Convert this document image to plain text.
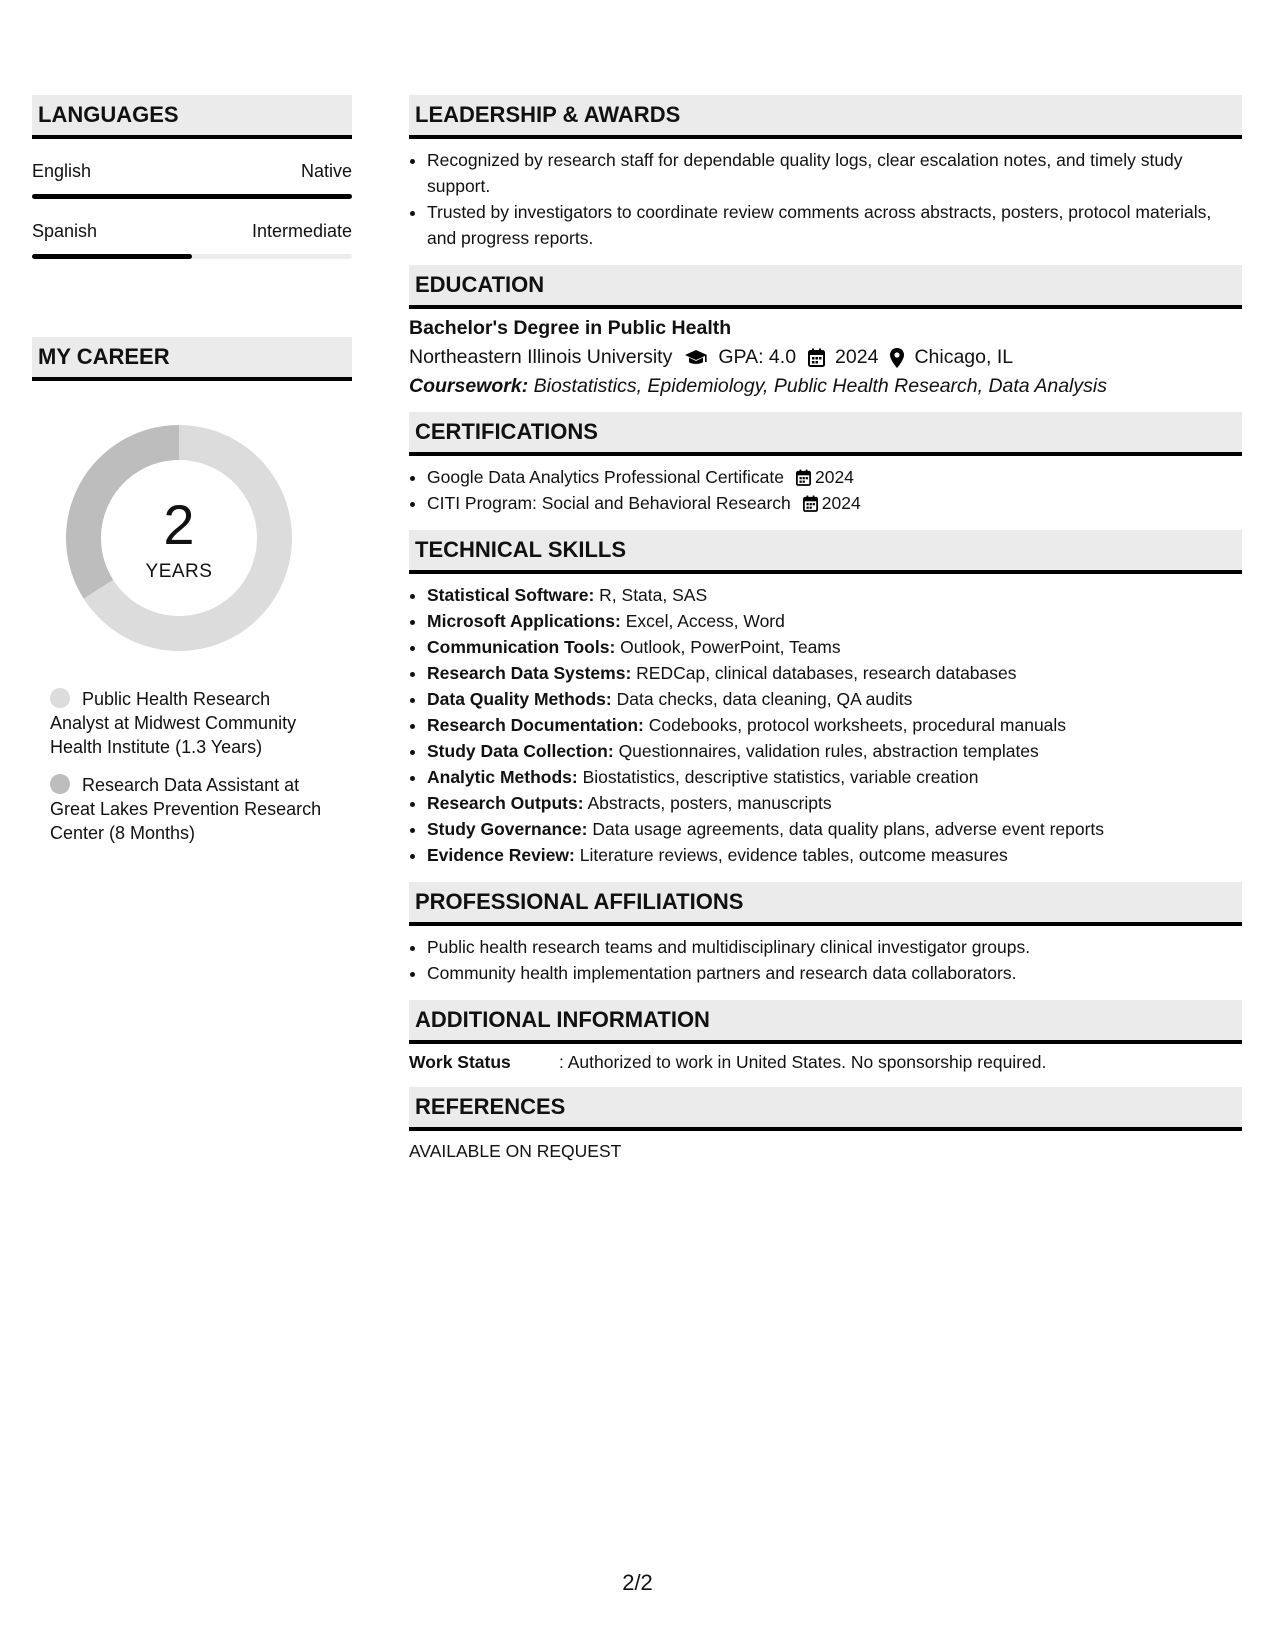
LANGUAGES
English	Native
Spanish	Intermediate
MY CAREER
2
YEARS
Public Health Research Analyst at Midwest Community Health Institute (1.3 Years)
Research Data Assistant at Great Lakes Prevention Research Center (8 Months)
LEADERSHIP & AWARDS
• Recognized by research staff for dependable quality logs, clear escalation notes, and timely study support.
• Trusted by investigators to coordinate review comments across abstracts, posters, protocol materials, and progress reports.
EDUCATION
Bachelor's Degree in Public Health
Northeastern Illinois University GPA: 4.0 2024 Chicago, IL
Coursework: Biostatistics, Epidemiology, Public Health Research, Data Analysis
CERTIFICATIONS
• Google Data Analytics Professional Certificate 2024
• CITI Program: Social and Behavioral Research 2024
TECHNICAL SKILLS
• Statistical Software: R, Stata, SAS
• Microsoft Applications: Excel, Access, Word
• Communication Tools: Outlook, PowerPoint, Teams
• Research Data Systems: REDCap, clinical databases, research databases
• Data Quality Methods: Data checks, data cleaning, QA audits
• Research Documentation: Codebooks, protocol worksheets, procedural manuals
• Study Data Collection: Questionnaires, validation rules, abstraction templates
• Analytic Methods: Biostatistics, descriptive statistics, variable creation
• Research Outputs: Abstracts, posters, manuscripts
• Study Governance: Data usage agreements, data quality plans, adverse event reports
• Evidence Review: Literature reviews, evidence tables, outcome measures
PROFESSIONAL AFFILIATIONS
• Public health research teams and multidisciplinary clinical investigator groups.
• Community health implementation partners and research data collaborators.
ADDITIONAL INFORMATION
Work Status	: Authorized to work in United States. No sponsorship required.
REFERENCES
AVAILABLE ON REQUEST
2/2
